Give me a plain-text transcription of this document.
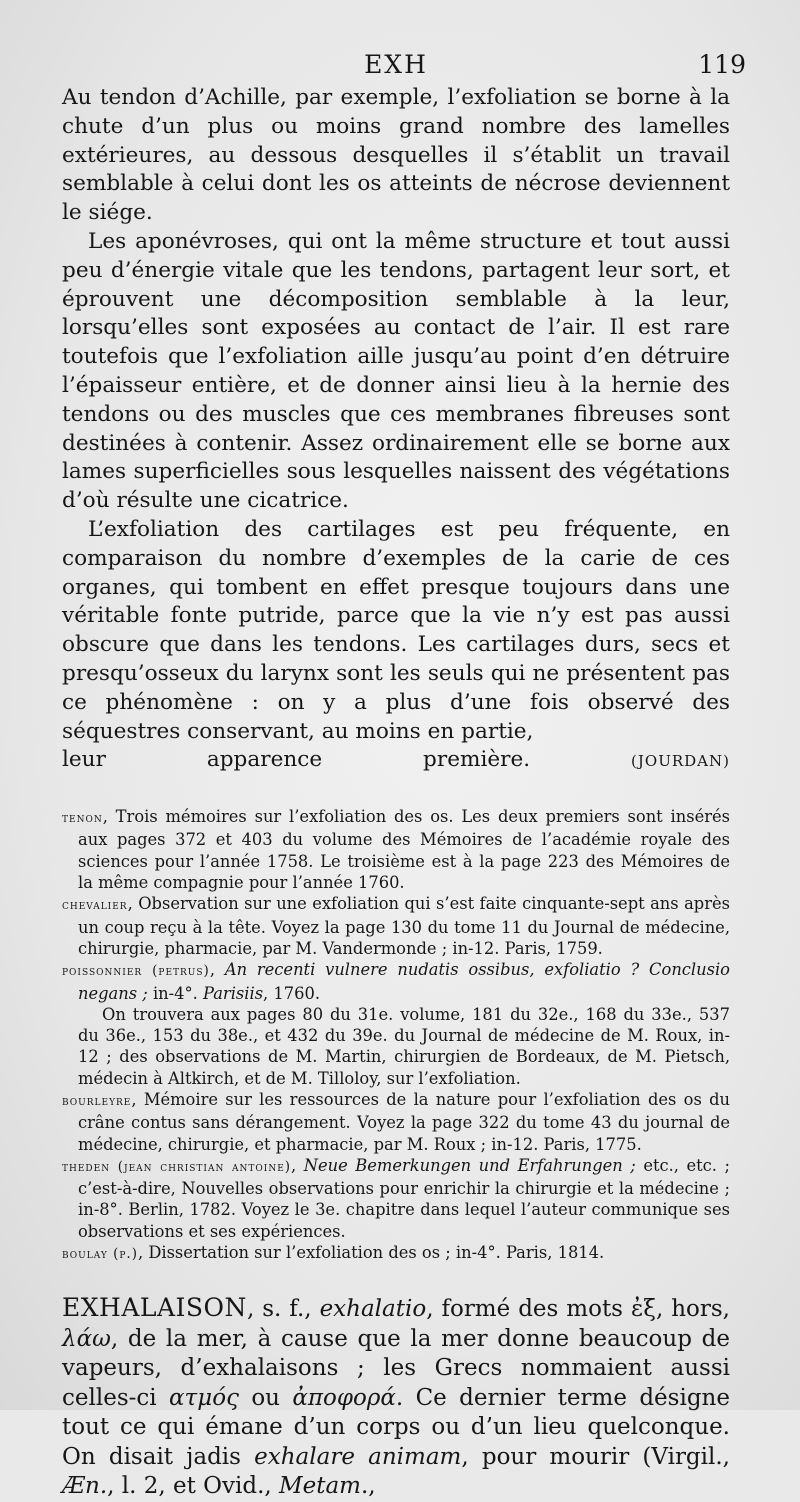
EXH	119

Au tendon d’Achille, par exemple, l’exfoliation se borne à la chute d’un plus ou moins grand nombre des lamelles extérieures, au dessous desquelles il s’établit un travail semblable à celui dont les os atteints de nécrose deviennent le siége.

Les aponévroses, qui ont la même structure et tout aussi peu d’énergie vitale que les tendons, partagent leur sort, et éprouvent une décomposition semblable à la leur, lorsqu’elles sont exposées au contact de l’air. Il est rare toutefois que l’exfoliation aille jusqu’au point d’en détruire l’épaisseur entière, et de donner ainsi lieu à la hernie des tendons ou des muscles que ces membranes fibreuses sont destinées à contenir. Assez ordinairement elle se borne aux lames superficielles sous lesquelles naissent des végétations d’où résulte une cicatrice.

L’exfoliation des cartilages est peu fréquente, en comparaison du nombre d’exemples de la carie de ces organes, qui tombent en effet presque toujours dans une véritable fonte putride, parce que la vie n’y est pas aussi obscure que dans les tendons. Les cartilages durs, secs et presqu’osseux du larynx sont les seuls qui ne présentent pas ce phénomène : on y a plus d’une fois observé des séquestres conservant, au moins en partie,

leur apparence première.	(JOURDAN)

tenon, Trois mémoires sur l’exfoliation des os. Les deux premiers sont insérés aux pages 372 et 403 du volume des Mémoires de l’académie royale des sciences pour l’année 1758. Le troisième est à la page 223 des Mémoires de la même compagnie pour l’année 1760.

chevalier, Observation sur une exfoliation qui s’est faite cinquante-sept ans après un coup reçu à la tête. Voyez la page 130 du tome 11 du Journal de médecine, chirurgie, pharmacie, par M. Vandermonde ; in-12. Paris, 1759.

poissonnier (petrus), An recenti vulnere nudatis ossibus, exfoliatio ? Conclusio negans ; in-4°. Parisiis, 1760.

On trouvera aux pages 80 du 31e. volume, 181 du 32e., 168 du 33e., 537 du 36e., 153 du 38e., et 432 du 39e. du Journal de médecine de M. Roux, in-12 ; des observations de M. Martin, chirurgien de Bordeaux, de M. Pietsch, médecin à Altkirch, et de M. Tilloloy, sur l’exfoliation.

bourleyre, Mémoire sur les ressources de la nature pour l’exfoliation des os du crâne contus sans dérangement. Voyez la page 322 du tome 43 du journal de médecine, chirurgie, et pharmacie, par M. Roux ; in-12. Paris, 1775.

theden (jean christian antoine), Neue Bemerkungen und Erfahrungen ; etc., etc. ; c’est-à-dire, Nouvelles observations pour enrichir la chirurgie et la médecine ; in-8°. Berlin, 1782. Voyez le 3e. chapitre dans lequel l’auteur communique ses observations et ses expériences.

boulay (p.), Dissertation sur l’exfoliation des os ; in-4°. Paris, 1814.

EXHALAISON, s. f., exhalatio, formé des mots ἐξ, hors, λάω, de la mer, à cause que la mer donne beaucoup de vapeurs, d’exhalaisons ; les Grecs nommaient aussi celles-ci ατμός ou ἀποφορά. Ce dernier terme désigne tout ce qui émane d’un corps ou d’un lieu quelconque. On disait jadis exhalare animam, pour mourir (Virgil., Æn., l. 2, et Ovid., Metam.,
